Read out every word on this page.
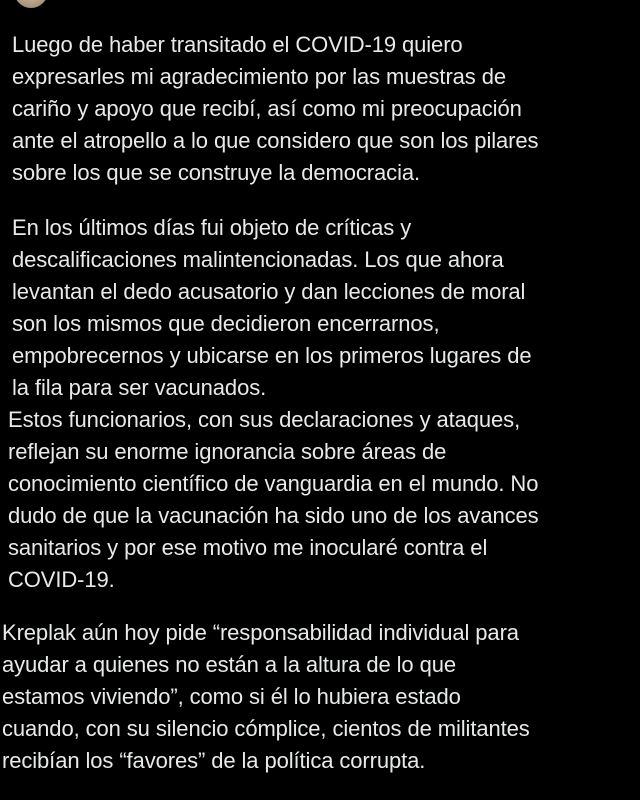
Luego de haber transitado el COVID-19 quiero
expresarles mi agradecimiento por las muestras de
cariño y apoyo que recibí, así como mi preocupación
ante el atropello a lo que considero que son los pilares
sobre los que se construye la democracia.
En los últimos días fui objeto de críticas y
descalificaciones malintencionadas. Los que ahora
levantan el dedo acusatorio y dan lecciones de moral
son los mismos que decidieron encerrarnos,
empobrecernos y ubicarse en los primeros lugares de
la fila para ser vacunados.
Estos funcionarios, con sus declaraciones y ataques,
reflejan su enorme ignorancia sobre áreas de
conocimiento científico de vanguardia en el mundo. No
dudo de que la vacunación ha sido uno de los avances
sanitarios y por ese motivo me inocularé contra el
COVID-19.
Kreplak aún hoy pide “responsabilidad individual para
ayudar a quienes no están a la altura de lo que
estamos viviendo”, como si él lo hubiera estado
cuando, con su silencio cómplice, cientos de militantes
recibían los “favores” de la política corrupta.
